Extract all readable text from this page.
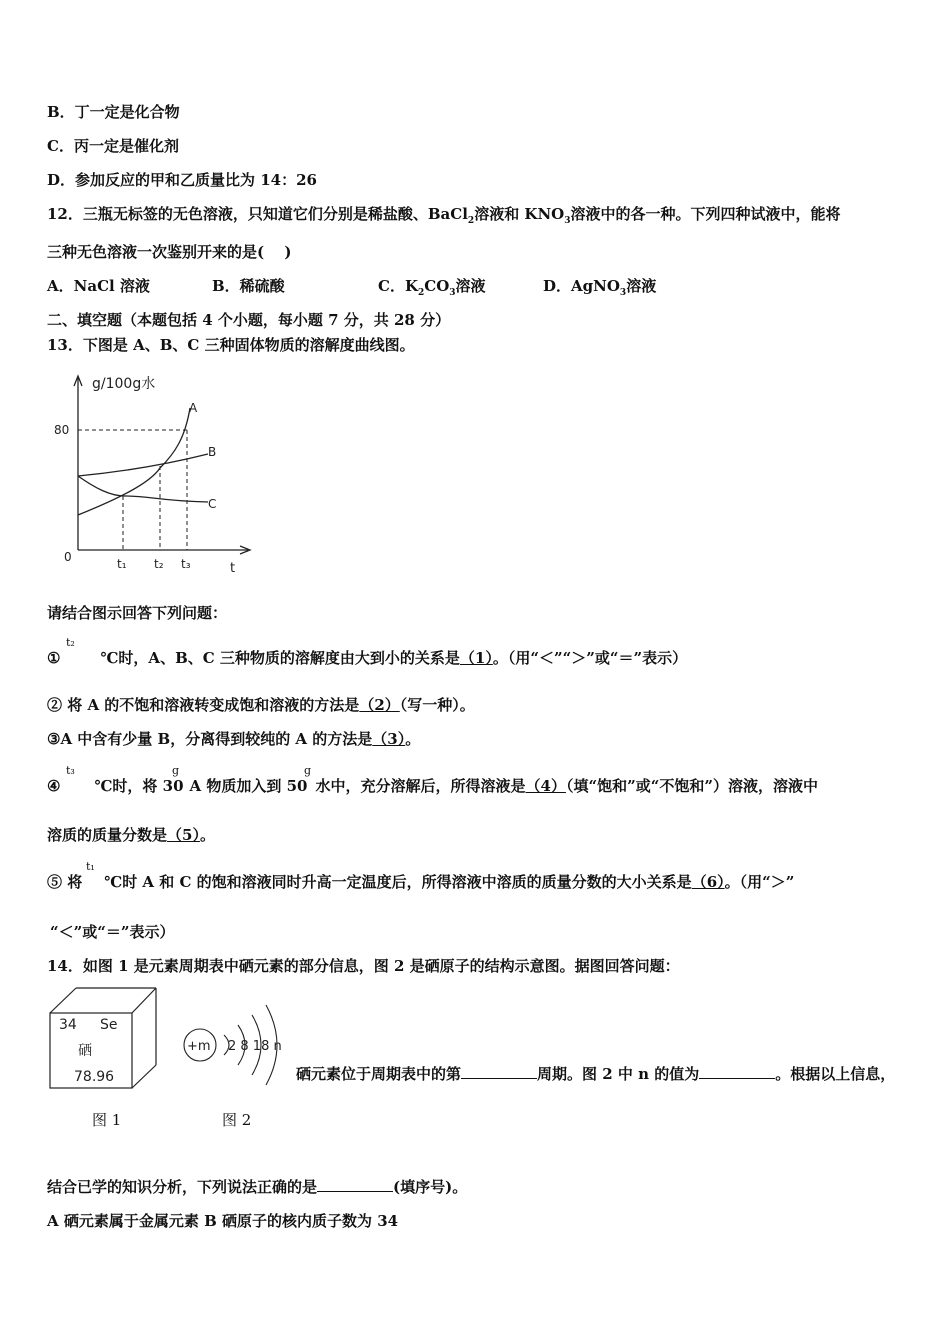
B．丁一定是化合物
C．丙一定是催化剂
D．参加反应的甲和乙质量比为 14：26
12．三瓶无标签的无色溶液，只知道它们分别是稀盐酸、BaCl$_2$溶液和 $KNO_3$溶液中的各一种。下列四种试液中，能将
三种无色溶液一次鉴别开来的是(　 )
A．NaCl 溶液	B．稀硫酸	C．$K_2CO_3$溶液	D．AgNO$_3$溶液
二、填空题（本题包括 4 个小题，每小题 7 分，共 28 分）
13．下图是 A、B、C 三种固体物质的溶解度曲线图。
g/100g水
80
0	t₁ t₂ t₃	t
A
B
C
请结合图示回答下列问题：
①	℃时，A、B、C 三种物质的溶解度由大到小的关系是（1）。（用“＜”“＞”或“＝”表示）
t₂
② 将 A 的不饱和溶液转变成饱和溶液的方法是（2）（写一种）。
③A 中含有少量 B，分离得到较纯的 A 的方法是（3）。
④ ℃时，将 30 A 物质加入到 50 水中，充分溶解后，所得溶液是（4）（填“饱和”或“不饱和”）溶液，溶液中
t₃	g	g
溶质的质量分数是（5）。
⑤ 将 ℃时 A 和 C 的饱和溶液同时升高一定温度后，所得溶液中溶质的质量分数的大小关系是（6）。（用“＞”
t₁
“＜”或“＝”表示）
14．如图 1 是元素周期表中硒元素的部分信息，图 2 是硒原子的结构示意图。据图回答问题：
34 Se
硒
78.96
+m 2 8 18 n
图 1	图 2
硒元素位于周期表中的第	周期。图 2 中 n 的值为	。根据以上信息，
结合已学的知识分析，下列说法正确的是	(填序号)。
A 硒元素属于金属元素 B 硒原子的核内质子数为 34
